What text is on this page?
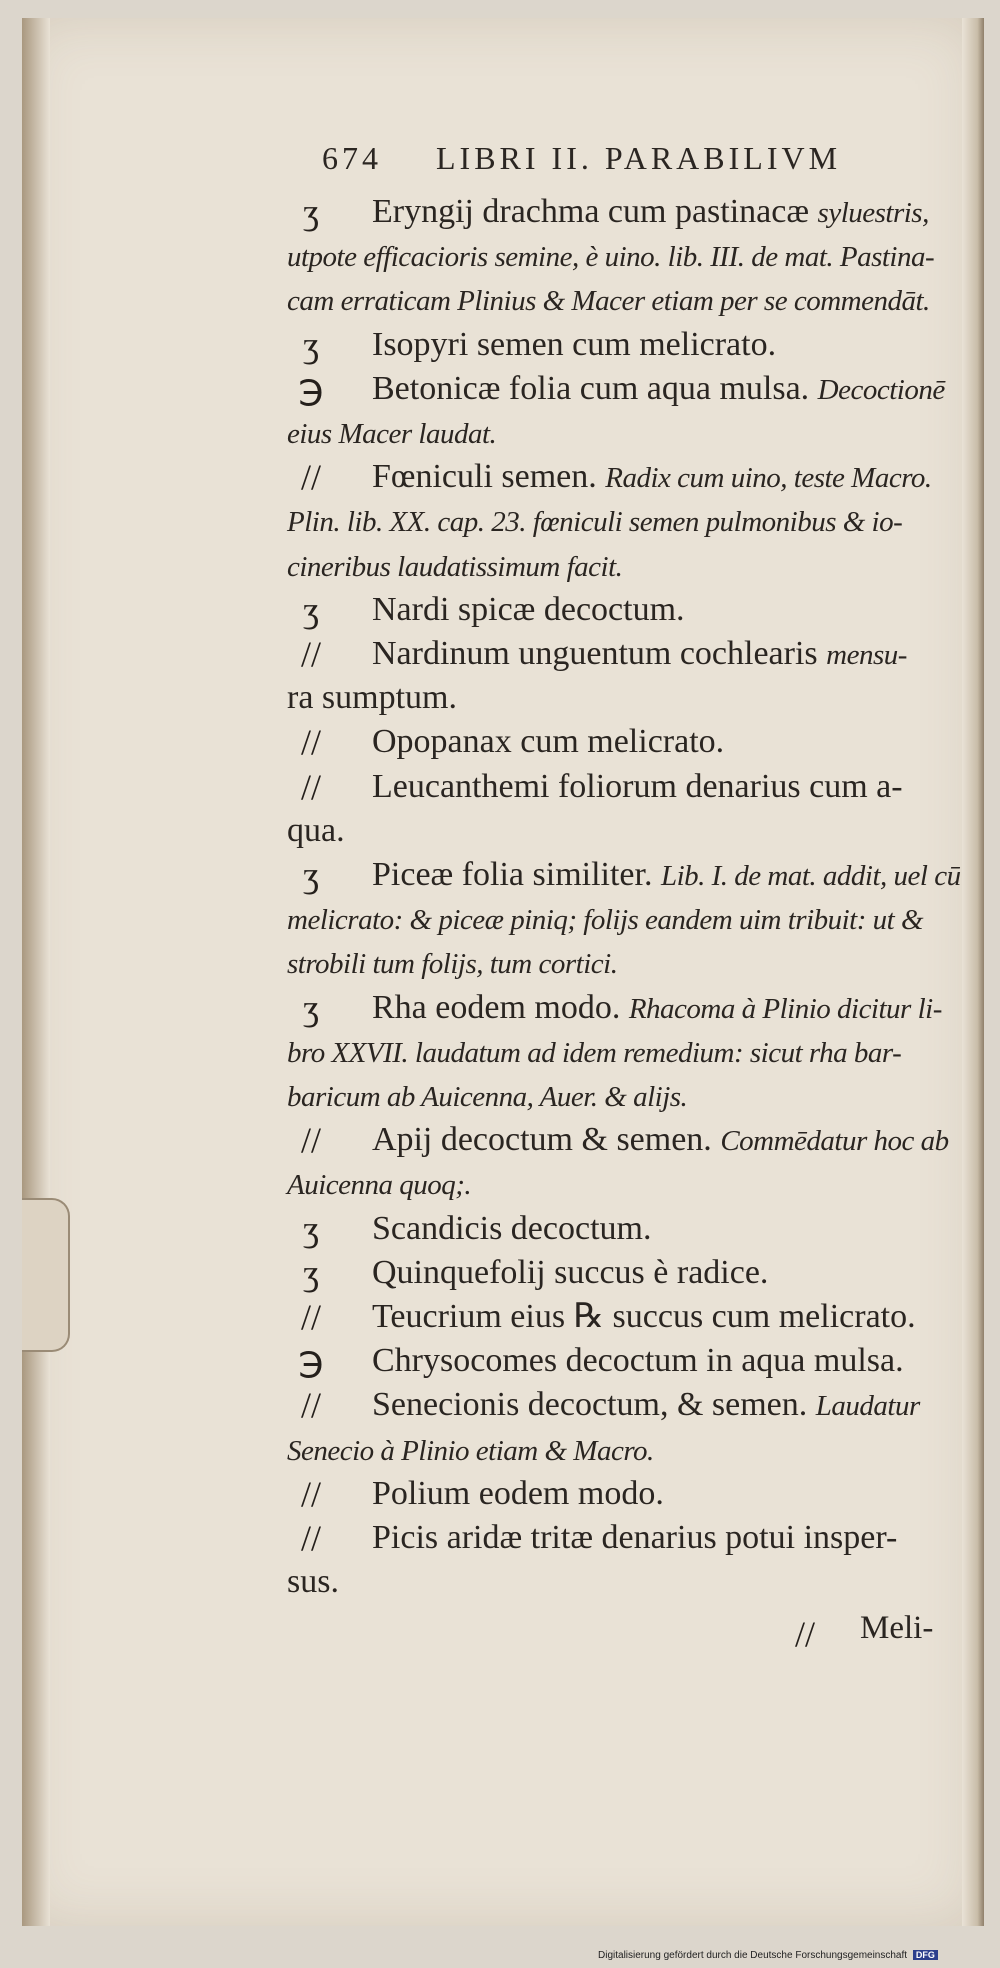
674 LIBRI II. PARABILIVM
ʒ	Eryngĳ drachma cum pastinacæ syluestris,
utpote efficacioris semine, è uino. lib. III. de mat. Pastina-
cam erraticam Plinius & Macer etiam per se commendāt.
ʒ	Isopyri semen cum melicrato.
℈	Betonicæ folia cum aqua mulsa. Decoctionē
eius Macer laudat.
//	Fœniculi semen. Radix cum uino, teste Macro.
Plin. lib. XX. cap. 23. fœniculi semen pulmonibus & io-
cineribus laudatissimum facit.
ʒ	Nardi spicæ decoctum.
//	Nardinum unguentum cochlearis mensu-
ra sumptum.
//	Opopanax cum melicrato.
//	Leucanthemi foliorum denarius cum a-
qua.
ʒ	Piceæ folia similiter. Lib. I. de mat. addit, uel cū
melicrato: & piceæ piniq; folijs eandem uim tribuit: ut &
strobili tum folijs, tum cortici.
ʒ	Rha eodem modo. Rhacoma à Plinio dicitur li-
bro XXVII. laudatum ad idem remedium: sicut rha bar-
baricum ab Auicenna, Auer. & alijs.
//	Apĳ decoctum & semen. Commēdatur hoc ab
Auicenna quoq;.
ʒ	Scandicis decoctum.
ʒ	Quinquefolĳ succus è radice.
//	Teucrium eius ℞ succus cum melicrato.
℈	Chrysocomes decoctum in aqua mulsa.
//	Senecionis decoctum, & semen. Laudatur
Senecio à Plinio etiam & Macro.
//	Polium eodem modo.
//	Picis aridæ tritæ denarius potui insper-
sus.
//	Meli-
Digitalisierung gefördert durch die Deutsche Forschungsgemeinschaft DFG
